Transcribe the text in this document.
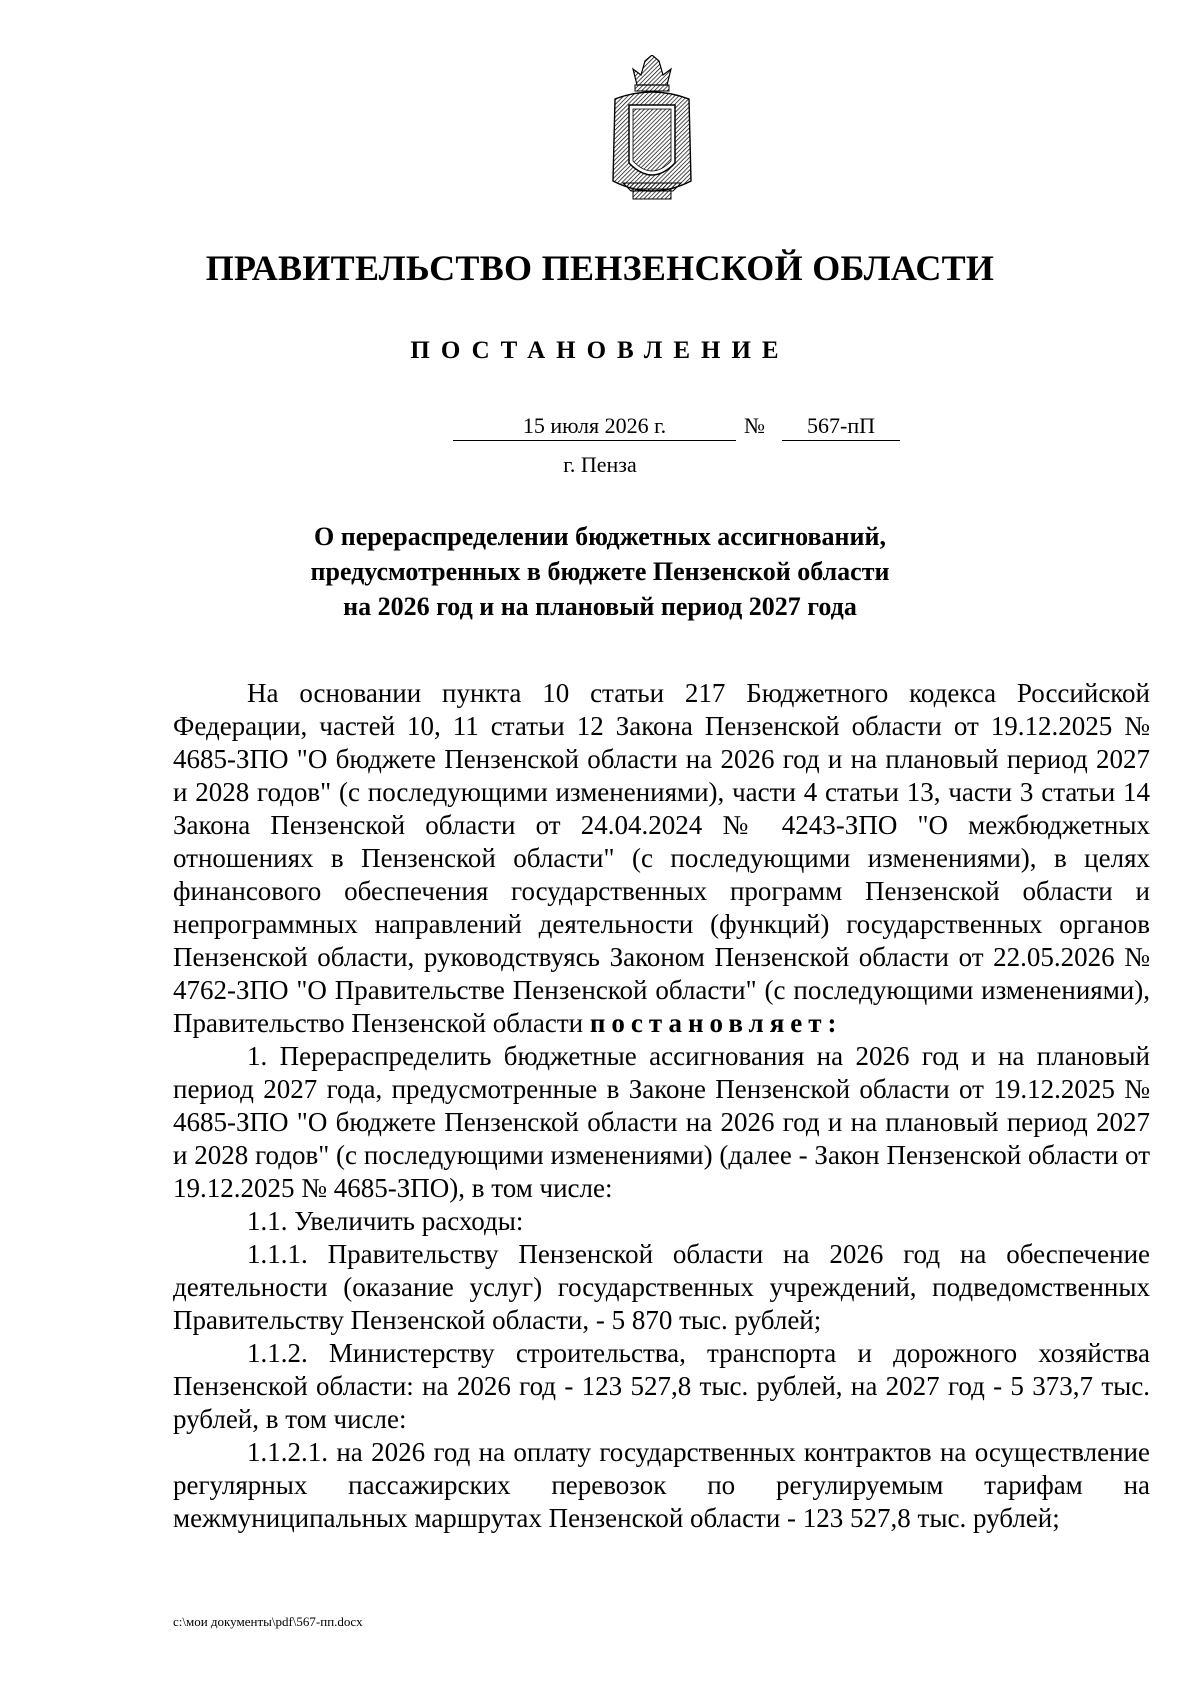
ПРАВИТЕЛЬСТВО ПЕНЗЕНСКОЙ ОБЛАСТИ
ПОСТАНОВЛЕНИЕ
15 июля 2026 г.	№	567-пП
г. Пенза
О перераспределении бюджетных ассигнований,
предусмотренных в бюджете Пензенской области
на 2026 год и на плановый период 2027 года

На основании пункта 10 статьи 217 Бюджетного кодекса Российской Федерации, частей 10, 11 статьи 12 Закона Пензенской области от 19.12.2025 № 4685-ЗПО "О бюджете Пензенской области на 2026 год и на плановый период 2027 и 2028 годов" (с последующими изменениями), части 4 статьи 13, части 3 статьи 14 Закона Пензенской области от 24.04.2024 № 4243-ЗПО "О межбюджетных отношениях в Пензенской области" (с последующими изменениями), в целях финансового обеспечения государственных программ Пензенской области и непрограммных направлений деятельности (функций) государственных органов Пензенской области, руководствуясь Законом Пензенской области от 22.05.2026 № 4762-ЗПО "О Правительстве Пензенской области" (с последующими изменениями), Правительство Пензенской области постановляет:

1. Перераспределить бюджетные ассигнования на 2026 год и на плановый период 2027 года, предусмотренные в Законе Пензенской области от 19.12.2025 № 4685-ЗПО "О бюджете Пензенской области на 2026 год и на плановый период 2027 и 2028 годов" (с последующими изменениями) (далее - Закон Пензенской области от 19.12.2025 № 4685-ЗПО), в том числе:

1.1. Увеличить расходы:

1.1.1. Правительству Пензенской области на 2026 год на обеспечение деятельности (оказание услуг) государственных учреждений, подведомственных Правительству Пензенской области, - 5 870 тыс. рублей;

1.1.2. Министерству строительства, транспорта и дорожного хозяйства Пензенской области: на 2026 год - 123 527,8 тыс. рублей, на 2027 год - 5 373,7 тыс. рублей, в том числе:

1.1.2.1. на 2026 год на оплату государственных контрактов на осуществление регулярных пассажирских перевозок по регулируемым тарифам на межмуниципальных маршрутах Пензенской области - 123 527,8 тыс. рублей;

c:\мои документы\pdf\567-пп.docx
